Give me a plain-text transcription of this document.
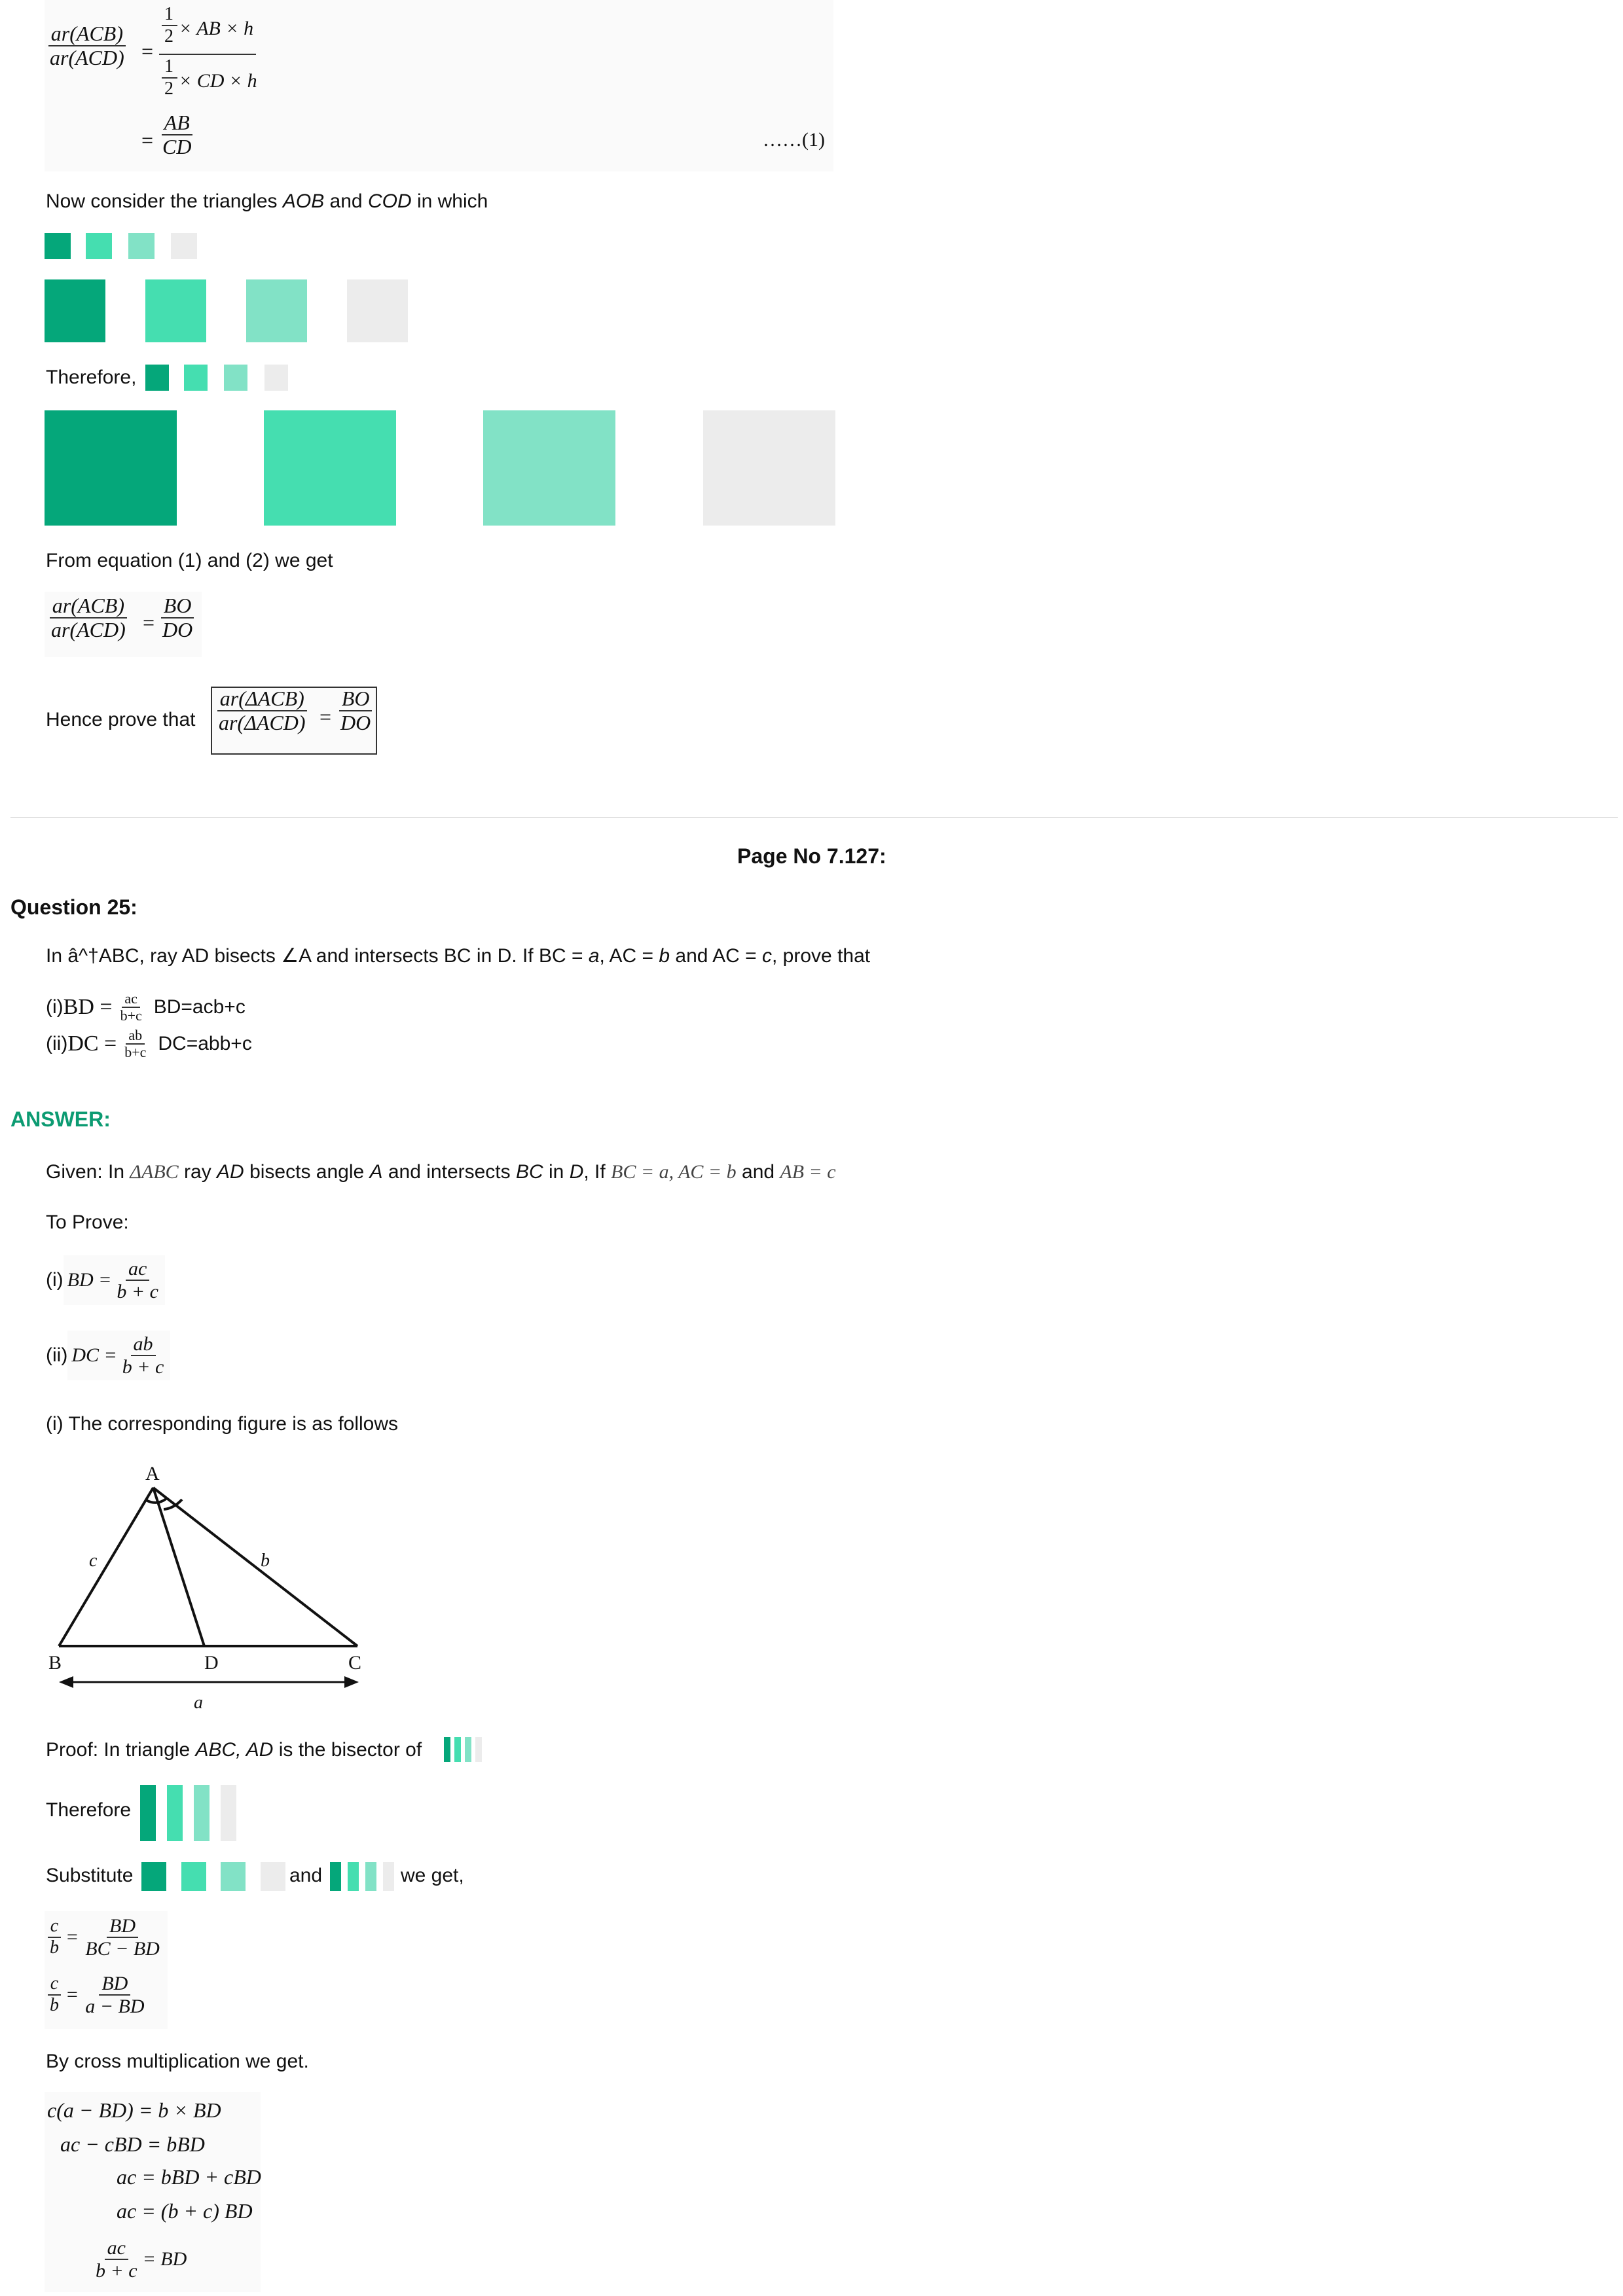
$\frac{\text{ar(ACB)}}{\text{ar(ACD)}}$ =
1
2 × AB × h
1
2 × CD × h
= $\frac{AB}{CD}$	……(1)
Now consider the triangles AOB and COD in which
Therefore,
From equation (1) and (2) we get
$\frac{\text{ar(ACB)}}{\text{ar(ACD)}} = \frac{BO}{DO}$
Hence prove that $\frac{\text{ar(ΔACB)}}{\text{ar(ΔACD)}} = \frac{BO}{DO}$
Page No 7.127:
Question 25:
In â^†ABC, ray AD bisects ∠A and intersects BC in D. If BC = a, AC = b and AC = c, prove that
(i) BD = $\frac{ac}{b+c} BD=acb+c$
(ii) DC = $\frac{ab}{b+c} DC=abb+c$
ANSWER:
Given: In ΔABC ray AD bisects angle A and intersects BC in D, If BC = a, AC = b and AB = c
To Prove:
(i) BD = $\frac{ac}{b + c}$
(ii) DC = $\frac{ab}{b + c}$
(i) The corresponding figure is as follows
A
B	C
D
c	b
a
Proof: In triangle ABC, AD is the bisector of
Therefore
Substitute	and	we get,
$\frac{c}{b} = \frac{BD}{BC - BD}$
$\frac{c}{b} = \frac{BD}{a - BD}$
By cross multiplication we get.
c(a − BD) = b × BD
ac − cBD = bBD
ac = bBD + cBD
ac = (b + c) BD
$\frac{ac}{b + c}$ = BD
